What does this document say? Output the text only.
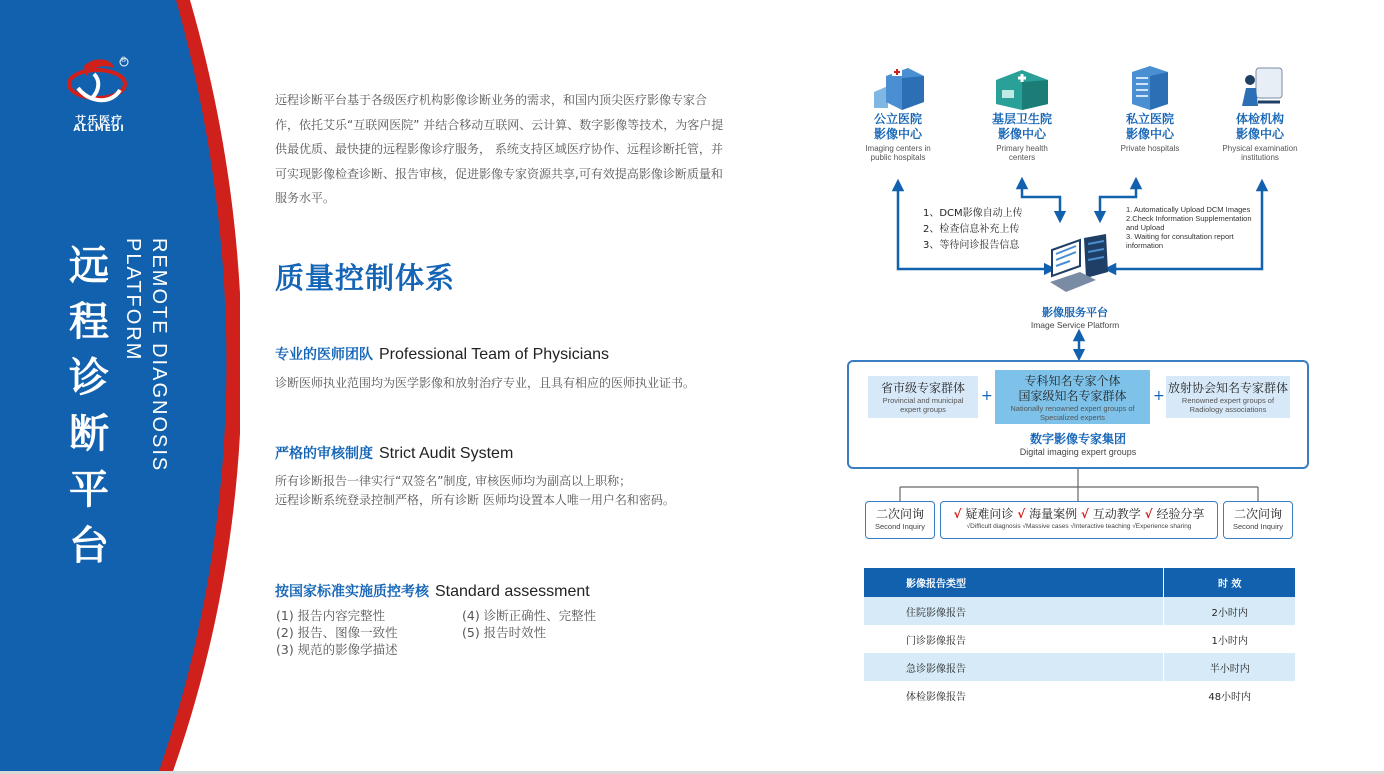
®
艾乐医疗
ALLMEDI
远
程
诊
断
平
台
REMOTE DIAGNOSIS
PLATFORM
远程诊断平台基于各级医疗机构影像诊断业务的需求，和国内顶尖医疗影像专家合作，依托艾乐“互联网医院” 并结合移动互联网、云计算、数字影像等技术，为客户提供最优质、最快捷的远程影像诊疗服务， 系统支持区域医疗协作、远程诊断托管，并可实现影像检查诊断、报告审核，促进影像专家资源共享,可有效提高影像诊断质量和服务水平。
质量控制体系
专业的医师团队 Professional Team of Physicians
诊断医师执业范围均为医学影像和放射治疗专业，且具有相应的医师执业证书。
严格的审核制度 Strict Audit System
所有诊断报告一律实行“双签名”制度, 审核医师均为副高以上职称；
远程诊断系统登录控制严格，所有诊断 医师均设置本人唯一用户名和密码。
按国家标准实施质控考核 Standard assessment
(1) 报告内容完整性
(2) 报告、图像一致性
(3) 规范的影像学描述
(4) 诊断正确性、完整性
(5) 报告时效性
公立医院
影像中心
Imaging centers in
public hospitals
基层卫生院
影像中心
Primary health
centers
私立医院
影像中心
Private hospitals
体检机构
影像中心
Physical examination
institutions
1、DCM影像自动上传
2、检查信息补充上传
3、等待问诊报告信息
1. Automatically Upload DCM Images
2.Check Information Supplementation
and Upload
3. Waiting for consultation report
information
影像服务平台
Image Service Platform
省市级专家群体
Provincial and municipal
expert groups
+
专科知名专家个体
国家级知名专家群体
Nationally renowned expert groups of
Specialized experts
+ 放射协会知名专家群体
Renowned expert groups of
Radiology associations
数字影像专家集团
Digital imaging expert groups
二次问询
Second Inquiry
√ 疑难问诊 √ 海量案例 √ 互动教学 √ 经验分享
√Difficult diagnosis √Massive cases √Interactive teaching √Experience sharing
二次问询
Second Inquiry
影像报告类型	时 效
住院影像报告	2小时内
门诊影像报告	1小时内
急诊影像报告	半小时内
体检影像报告	48小时内
